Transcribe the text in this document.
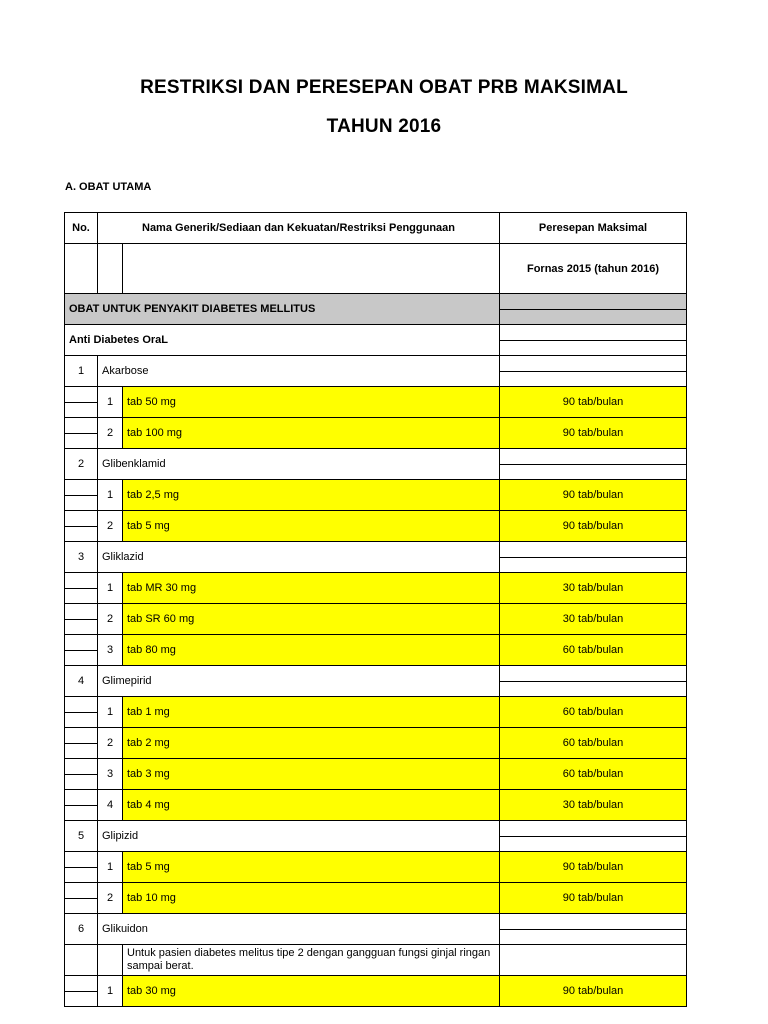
RESTRIKSI DAN PERESEPAN OBAT PRB MAKSIMAL
TAHUN 2016
A. OBAT UTAMA
No.	Nama Generik/Sediaan dan Kekuatan/Restriksi Penggunaan		Peresepan Maksimal
			Fornas 2015 (tahun 2016)
OBAT UNTUK PENYAKIT DIABETES MELLITUS			

Anti Diabetes OraL			

1	Akarbose		

	1	tab 50 mg	90 tab/bulan

	2	tab 100 mg	90 tab/bulan
2	Glibenklamid		

	1	tab 2,5 mg	90 tab/bulan

	2	tab 5 mg	90 tab/bulan
3	Gliklazid		

	1	tab MR 30 mg	30 tab/bulan

	2	tab SR 60 mg	30 tab/bulan

	3	tab 80 mg	60 tab/bulan
4	Glimepirid		

	1	tab 1 mg	60 tab/bulan

	2	tab 2 mg	60 tab/bulan

	3	tab 3 mg	60 tab/bulan

	4	tab 4 mg	30 tab/bulan
5	Glipizid		

	1	tab 5 mg	90 tab/bulan

	2	tab 10 mg	90 tab/bulan
6	Glikuidon		

		Untuk pasien diabetes melitus tipe 2 dengan gangguan fungsi ginjal ringan sampai berat.	

	1	tab 30 mg	90 tab/bulan
